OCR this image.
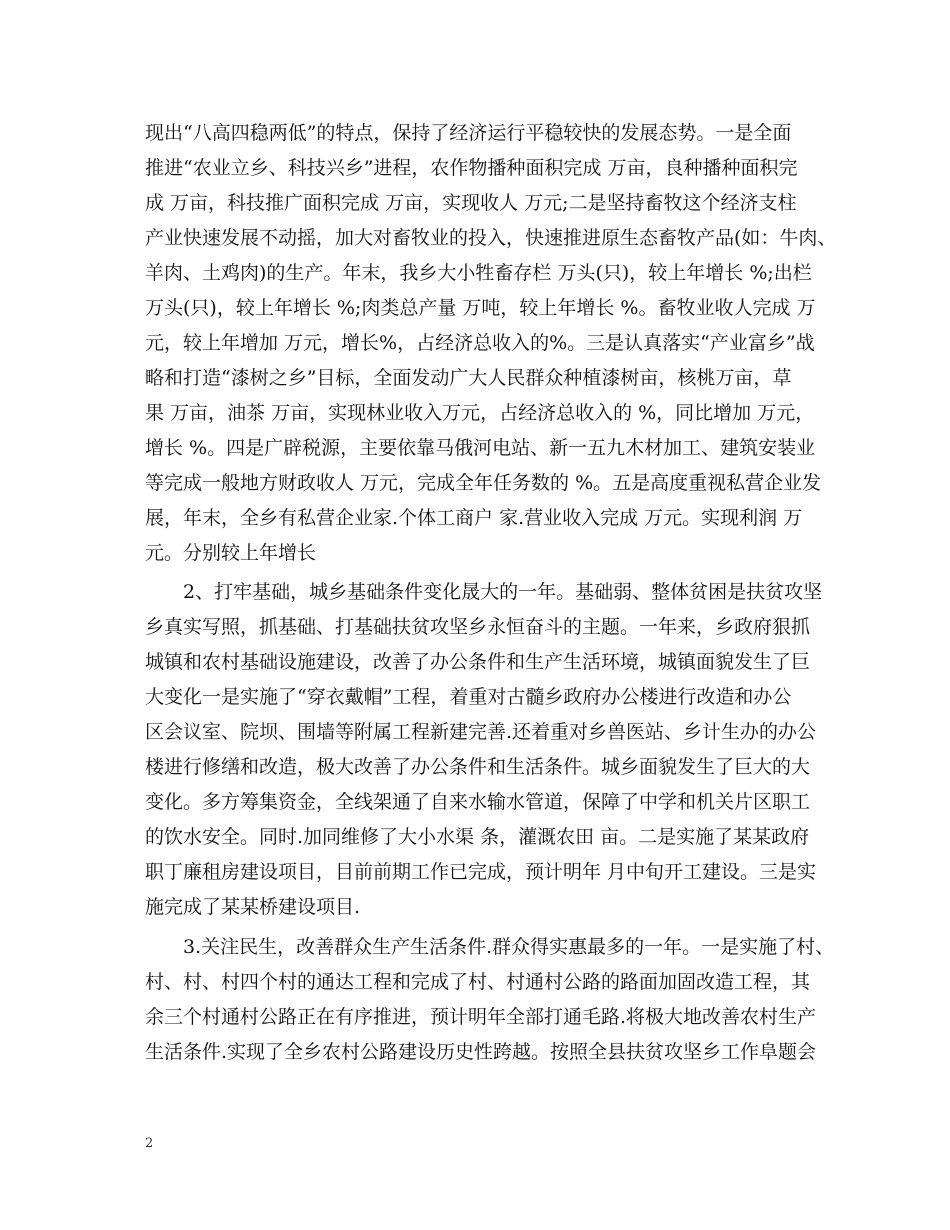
现出“八高四稳两低”的特点，保持了经济运行平稳较快的发展态势。一是全面
推进“农业立乡、科技兴乡”进程，农作物播种面积完成 万亩，良种播种面积完
成 万亩，科技推广面积完成 万亩，实现收人 万元;二是坚持畜牧这个经济支柱
产业快速发展不动摇，加大对畜牧业的投入，快速推进原生态畜牧产品(如：牛肉、
羊肉、土鸡肉)的生产。年末，我乡大小牲畜存栏 万头(只)，较上年增长 %;出栏
万头(只)，较上年增长 %;肉类总产量 万吨，较上年增长 %。畜牧业收人完成 万
元，较上年增加 万元，增长%，占经济总收入的%。三是认真落实“产业富乡”战
略和打造“漆树之乡”目标，全面发动广大人民群众种植漆树亩，核桃万亩，草
果 万亩，油茶 万亩，实现林业收入万元，占经济总收入的 %，同比增加 万元，
增长 %。四是广辟税源，主要依靠马俄河电站、新一五九木材加工、建筑安装业
等完成一般地方财政收人 万元，完成全年任务数的 %。五是高度重视私营企业发
展，年末，全乡有私营企业家.个体工商户 家.营业收入完成 万元。实现利润 万
元。分别较上年增长
　　2、打牢基础，城乡基础条件变化晟大的一年。基础弱、整体贫困是扶贫攻坚
乡真实写照，抓基础、打基础扶贫攻坚乡永恒奋斗的主题。一年来，乡政府狠抓
城镇和农村基础设施建设，改善了办公条件和生产生活环境，城镇面貌发生了巨
大变化一是实施了“穿衣戴帽”工程，着重对古髓乡政府办公楼进行改造和办公
区会议室、院坝、围墙等附属工程新建完善.还着重对乡兽医站、乡计生办的办公
楼进行修缮和改造，极大改善了办公条件和生活条件。城乡面貌发生了巨大的大
变化。多方筹集资金，全线架通了自来水输水管道，保障了中学和机关片区职工
的饮水安全。同时.加同维修了大小水渠 条，灌溉农田 亩。二是实施了某某政府
职丁廉租房建设项目，目前前期工作已完成，预计明年 月中旬开工建设。三是实
施完成了某某桥建设项目.
　　3.关注民生，改善群众生产生活条件.群众得实惠最多的一年。一是实施了村、
村、村、村四个村的通达工程和完成了村、村通村公路的路面加固改造工程，其
余三个村通村公路正在有序推进，预计明年全部打通毛路.将极大地改善农村生产
生活条件.实现了全乡农村公路建设历史性跨越。按照全县扶贫攻坚乡工作阜题会
2
